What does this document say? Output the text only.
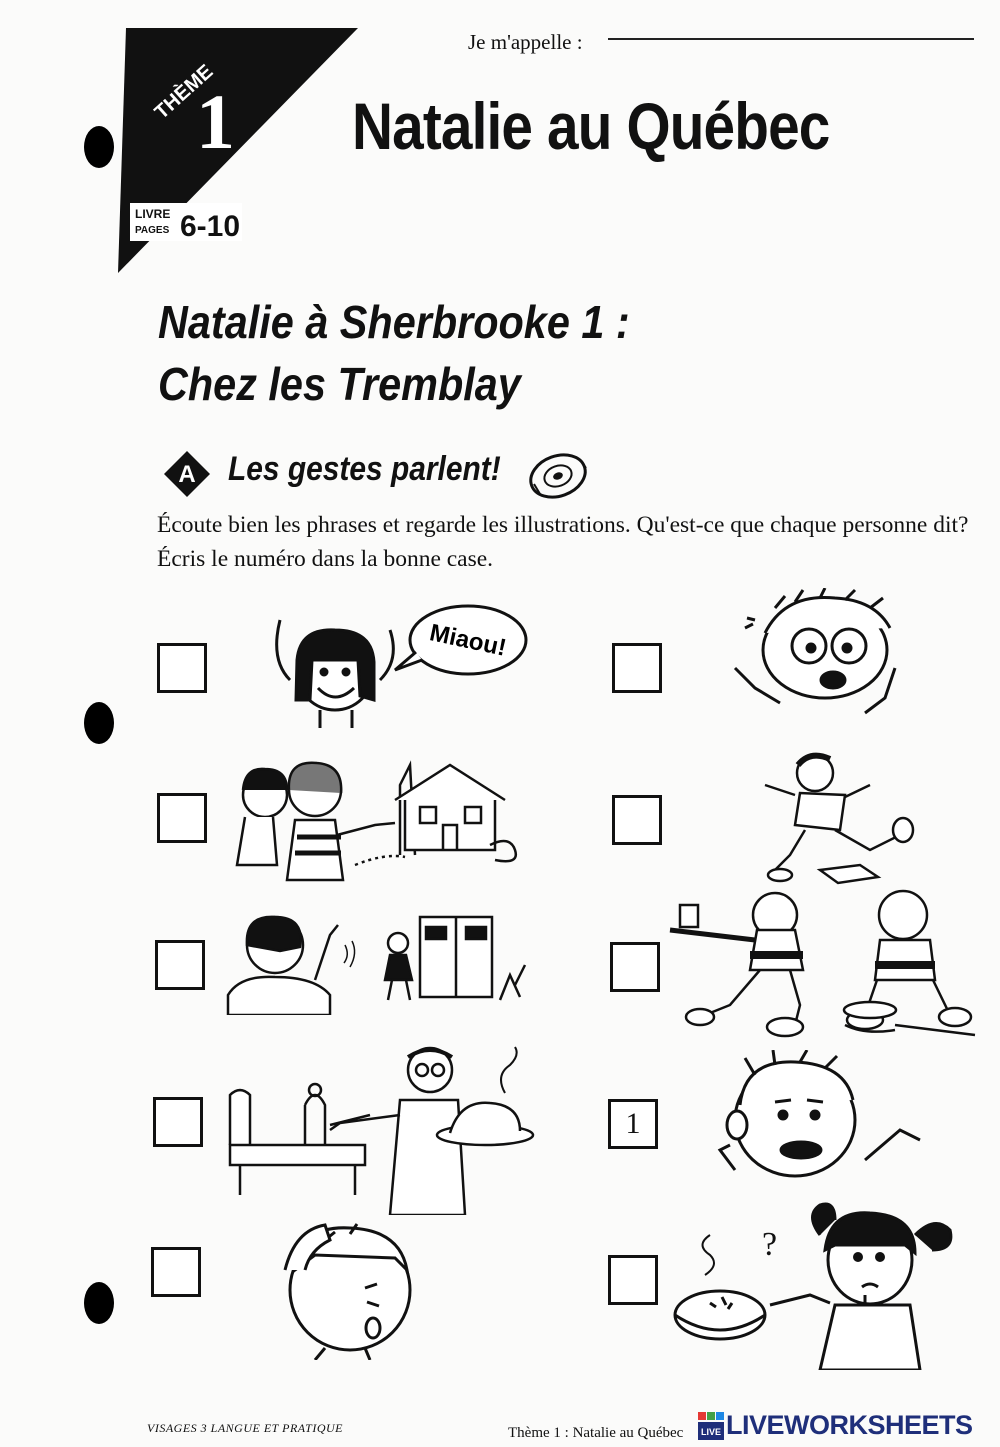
THÈME
1
LIVRE
PAGES 6-10
Je m'appelle :
Natalie au Québec
Natalie à Sherbrooke 1 :
Chez les Tremblay
A Les gestes parlent!
Écoute bien les phrases et regarde les illustrations. Qu'est-ce que chaque personne dit? Écris le numéro dans la bonne case.
1
Miaou!
?
VISAGES 3 LANGUE ET PRATIQUE	Thème 1 : Natalie au Québec LIVE LIVEWORKSHEETS
